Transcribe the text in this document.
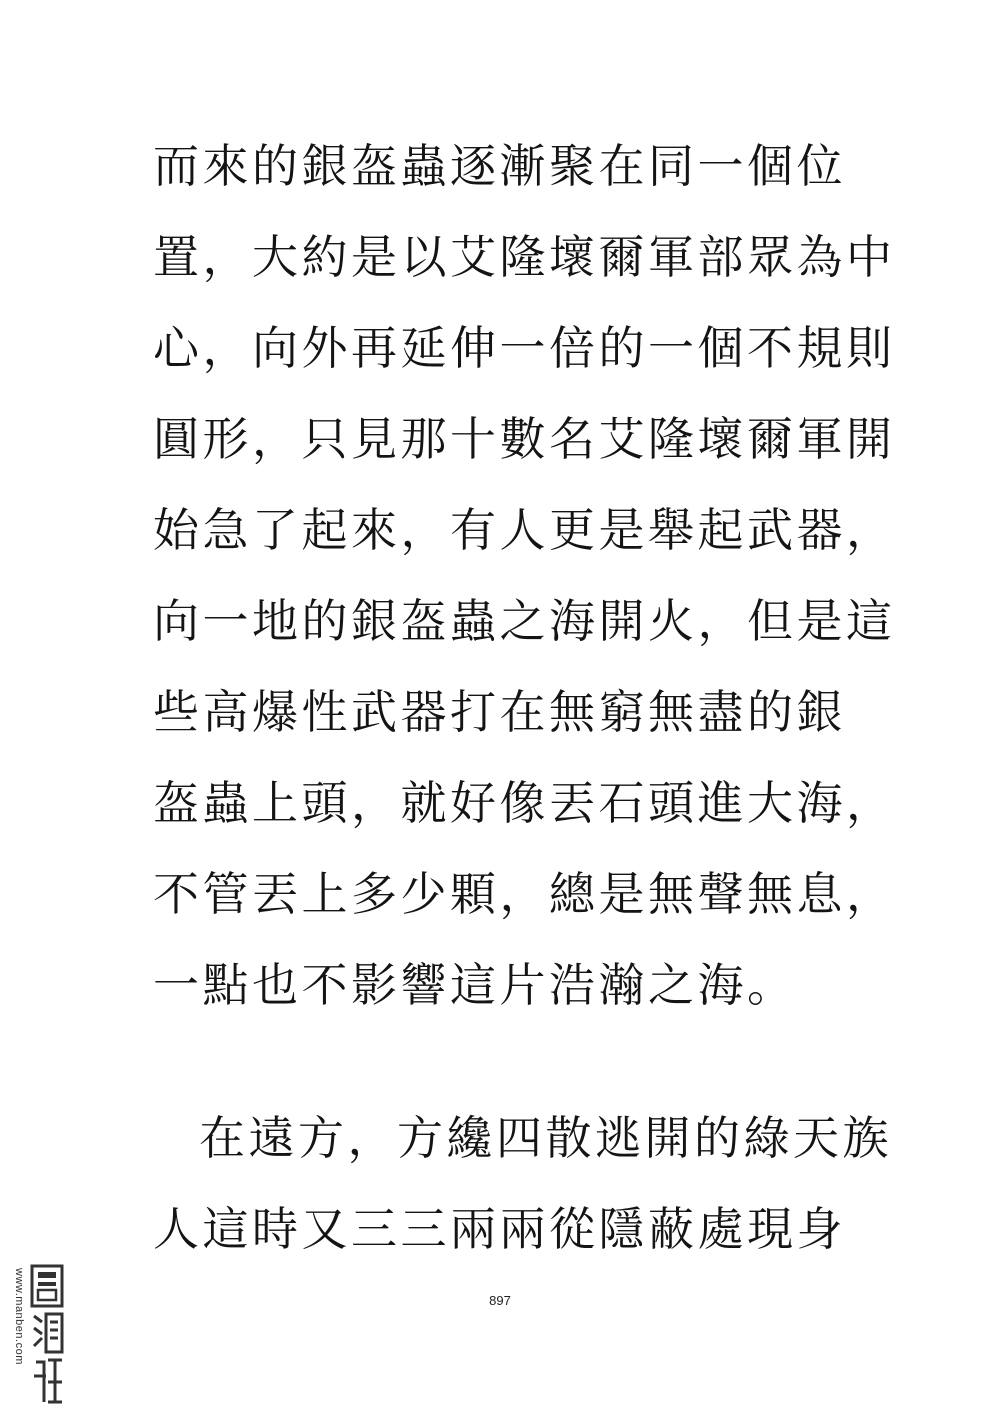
而來的銀盔蟲逐漸聚在同一個位
置，大約是以艾隆壞爾軍部眾為中
心，向外再延伸一倍的一個不規則
圓形，只見那十數名艾隆壞爾軍開
始急了起來，有人更是舉起武器，
向一地的銀盔蟲之海開火，但是這
些高爆性武器打在無窮無盡的銀
盔蟲上頭，就好像丟石頭進大海，
不管丟上多少顆，總是無聲無息，
一點也不影響這片浩瀚之海。
在遠方，方纔四散逃開的綠天族
人這時又三三兩兩從隱蔽處現身
897
www.manben.com
